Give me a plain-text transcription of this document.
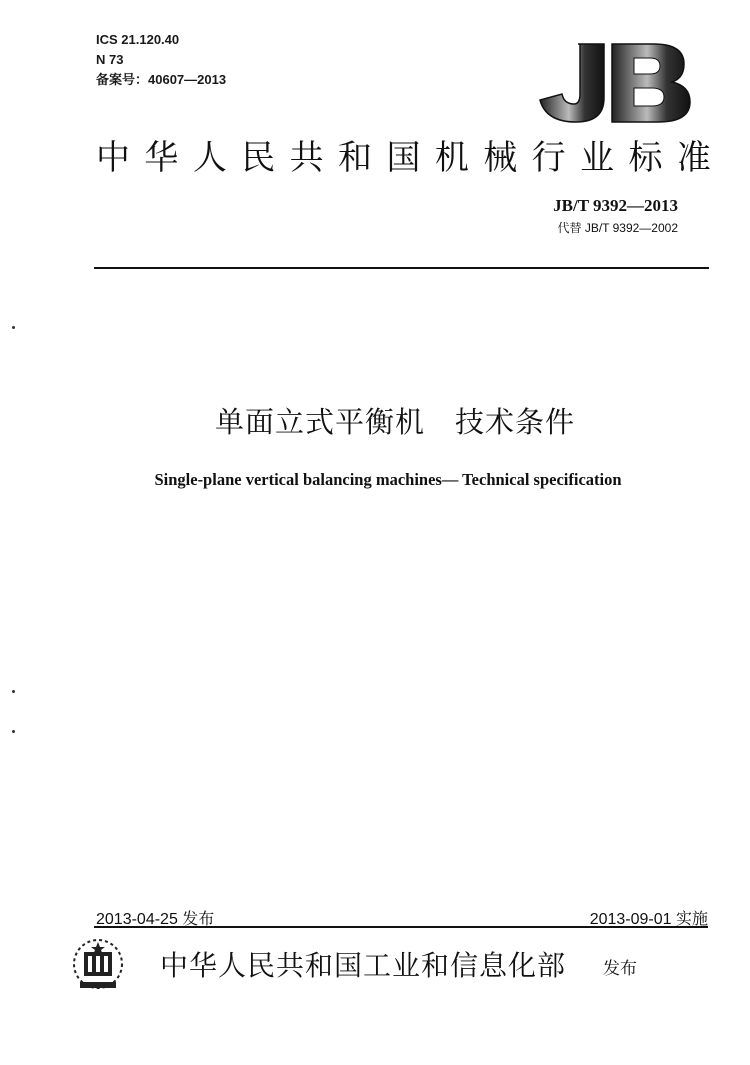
ICS 21.120.40
N 73
备案号：40607—2013
中 华 人 民 共 和 国 机 械 行 业 标 准
JB/T 9392—2013
代替 JB/T 9392—2002
单面立式平衡机　技术条件
Single-plane vertical balancing machines— Technical specification
2013-04-25 发布	2013-09-01 实施
中华人民共和国工业和信息化部 发布
